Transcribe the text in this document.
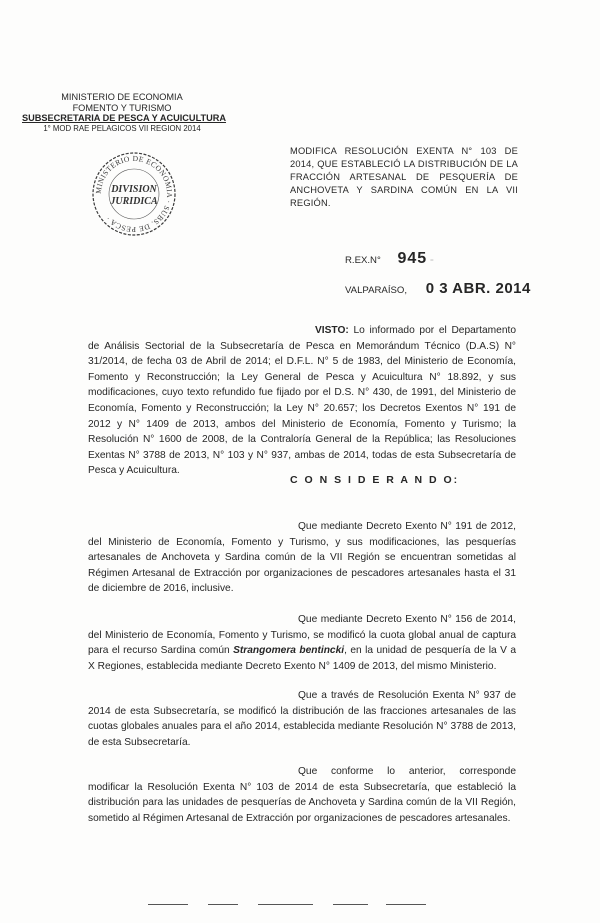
MINISTERIO DE ECONOMIA
FOMENTO Y TURISMO
SUBSECRETARIA DE PESCA Y ACUICULTURA
1° MOD RAE PELAGICOS VII REGION 2014
MINISTERIO DE ECONOMIA · SUBS. DE PESCA ·
DIVISION
JURIDICA

MODIFICA RESOLUCIÓN EXENTA N° 103 DE 2014, QUE ESTABLECIÓ LA DISTRIBUCIÓN DE LA FRACCIÓN ARTESANAL DE PESQUERÍA DE ANCHOVETA Y SARDINA COMÚN EN LA VII REGIÓN.

R.EX.N° 945 -
VALPARAÍSO, 0 3 ABR. 2014

VISTO: Lo informado por el Departamento de Análisis Sectorial de la Subsecretaría de Pesca en Memorándum Técnico (D.A.S) N° 31/2014, de fecha 03 de Abril de 2014; el D.F.L. N° 5 de 1983, del Ministerio de Economía, Fomento y Reconstrucción; la Ley General de Pesca y Acuicultura N° 18.892, y sus modificaciones, cuyo texto refundido fue fijado por el D.S. N° 430, de 1991, del Ministerio de Economía, Fomento y Reconstrucción; la Ley N° 20.657; los Decretos Exentos N° 191 de 2012 y N° 1409 de 2013, ambos del Ministerio de Economía, Fomento y Turismo; la Resolución N° 1600 de 2008, de la Contraloría General de la República; las Resoluciones Exentas N° 3788 de 2013, N° 103 y N° 937, ambas de 2014, todas de esta Subsecretaría de Pesca y Acuicultura.

C O N S I D E R A N D O:

Que mediante Decreto Exento N° 191 de 2012, del Ministerio de Economía, Fomento y Turismo, y sus modificaciones, las pesquerías artesanales de Anchoveta y Sardina común de la VII Región se encuentran sometidas al Régimen Artesanal de Extracción por organizaciones de pescadores artesanales hasta el 31 de diciembre de 2016, inclusive.

Que mediante Decreto Exento N° 156 de 2014, del Ministerio de Economía, Fomento y Turismo, se modificó la cuota global anual de captura para el recurso Sardina común Strangomera bentincki, en la unidad de pesquería de la V a X Regiones, establecida mediante Decreto Exento N° 1409 de 2013, del mismo Ministerio.

Que a través de Resolución Exenta N° 937 de 2014 de esta Subsecretaría, se modificó la distribución de las fracciones artesanales de las cuotas globales anuales para el año 2014, establecida mediante Resolución N° 3788 de 2013, de esta Subsecretaría.

Que conforme lo anterior, corresponde modificar la Resolución Exenta N° 103 de 2014 de esta Subsecretaría, que estableció la distribución para las unidades de pesquerías de Anchoveta y Sardina común de la VII Región, sometido al Régimen Artesanal de Extracción por organizaciones de pescadores artesanales.
